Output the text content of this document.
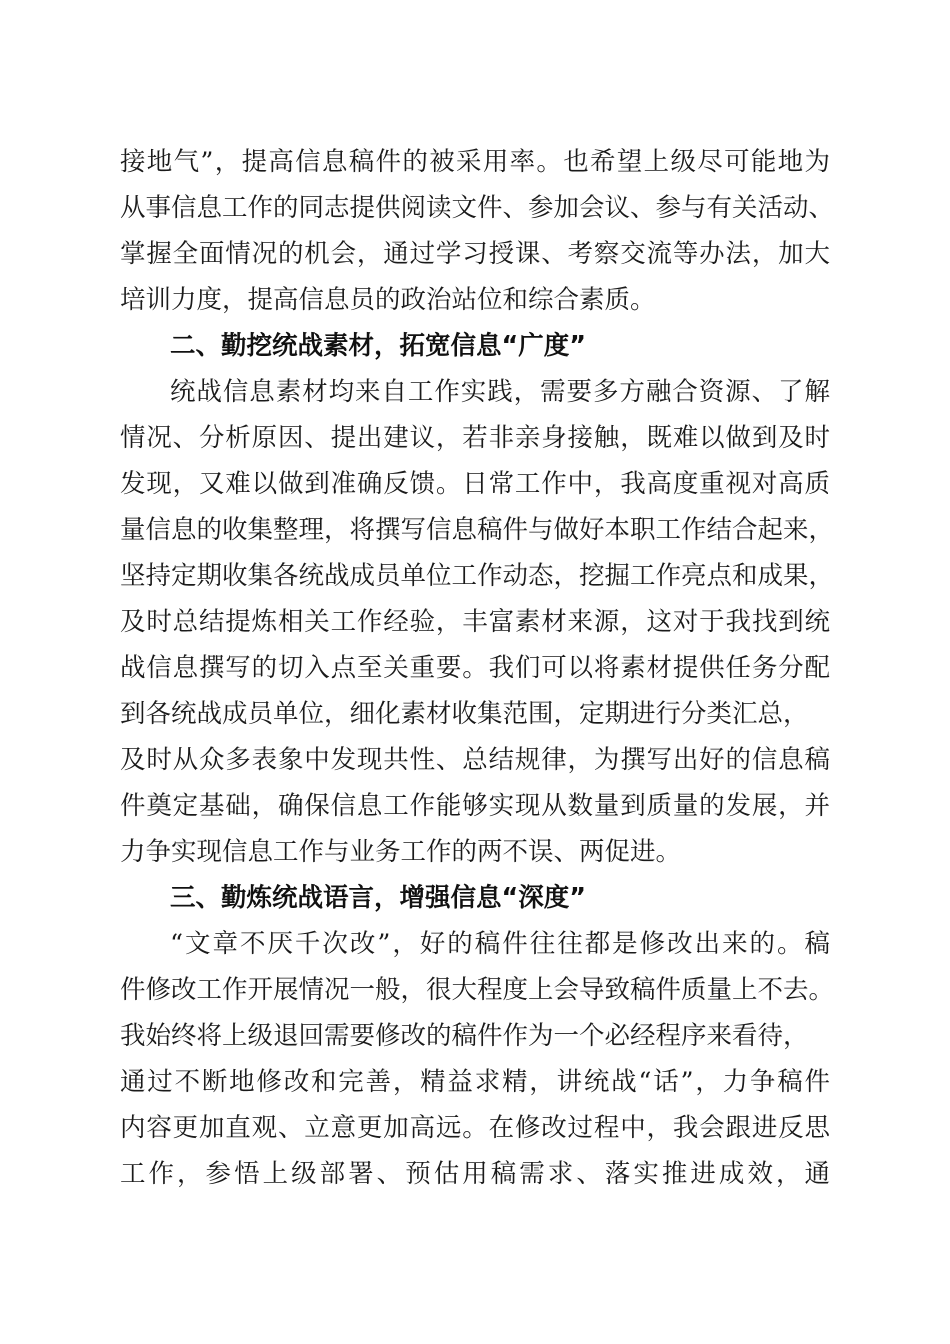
接地气”，提高信息稿件的被采用率。也希望上级尽可能地为
从事信息工作的同志提供阅读文件、参加会议、参与有关活动、
掌握全面情况的机会，通过学习授课、考察交流等办法，加大
培训力度，提高信息员的政治站位和综合素质。
二、勤挖统战素材，拓宽信息“广度”
统战信息素材均来自工作实践，需要多方融合资源、了解
情况、分析原因、提出建议，若非亲身接触，既难以做到及时
发现，又难以做到准确反馈。日常工作中，我高度重视对高质
量信息的收集整理，将撰写信息稿件与做好本职工作结合起来，
坚持定期收集各统战成员单位工作动态，挖掘工作亮点和成果，
及时总结提炼相关工作经验，丰富素材来源，这对于我找到统
战信息撰写的切入点至关重要。我们可以将素材提供任务分配
到各统战成员单位，细化素材收集范围，定期进行分类汇总，
及时从众多表象中发现共性、总结规律，为撰写出好的信息稿
件奠定基础，确保信息工作能够实现从数量到质量的发展，并
力争实现信息工作与业务工作的两不误、两促进。
三、勤炼统战语言，增强信息“深度”
“文章不厌千次改”，好的稿件往往都是修改出来的。稿
件修改工作开展情况一般，很大程度上会导致稿件质量上不去。
我始终将上级退回需要修改的稿件作为一个必经程序来看待，
通过不断地修改和完善，精益求精，讲统战“话”，力争稿件
内容更加直观、立意更加高远。在修改过程中，我会跟进反思
工作，参悟上级部署、预估用稿需求、落实推进成效，通
